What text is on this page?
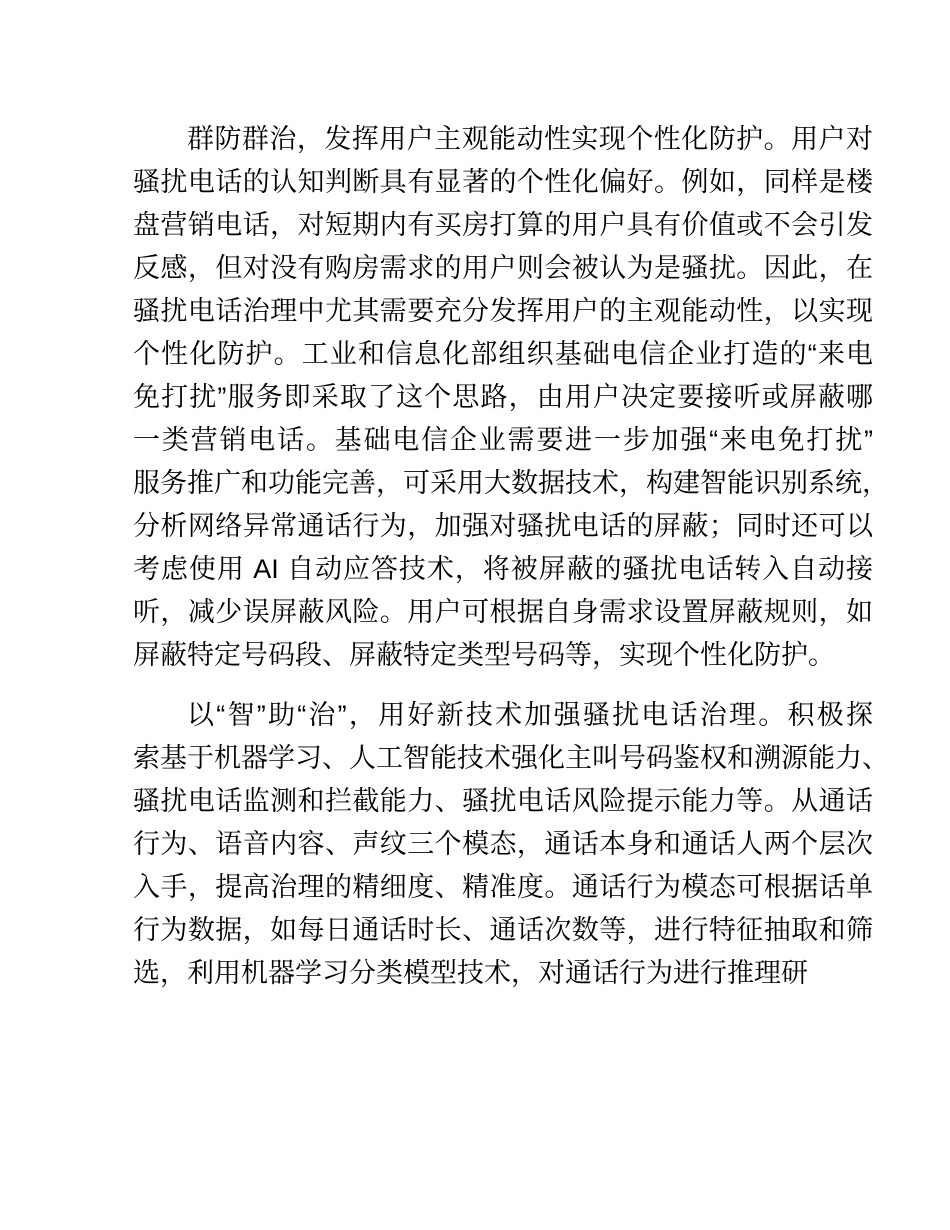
群防群治，发挥用户主观能动性实现个性化防护。用户对
骚扰电话的认知判断具有显著的个性化偏好。例如，同样是楼
盘营销电话，对短期内有买房打算的用户具有价值或不会引发
反感，但对没有购房需求的用户则会被认为是骚扰。因此，在
骚扰电话治理中尤其需要充分发挥用户的主观能动性，以实现
个性化防护。工业和信息化部组织基础电信企业打造的“来电
免打扰”服务即采取了这个思路，由用户决定要接听或屏蔽哪
一类营销电话。基础电信企业需要进一步加强“来电免打扰”
服务推广和功能完善，可采用大数据技术，构建智能识别系统，
分析网络异常通话行为，加强对骚扰电话的屏蔽；同时还可以
考虑使用 AI 自动应答技术，将被屏蔽的骚扰电话转入自动接
听，减少误屏蔽风险。用户可根据自身需求设置屏蔽规则，如
屏蔽特定号码段、屏蔽特定类型号码等，实现个性化防护。

以“智”助“治”，用好新技术加强骚扰电话治理。积极探
索基于机器学习、人工智能技术强化主叫号码鉴权和溯源能力、
骚扰电话监测和拦截能力、骚扰电话风险提示能力等。从通话
行为、语音内容、声纹三个模态，通话本身和通话人两个层次
入手，提高治理的精细度、精准度。通话行为模态可根据话单
行为数据，如每日通话时长、通话次数等，进行特征抽取和筛
选，利用机器学习分类模型技术，对通话行为进行推理研
